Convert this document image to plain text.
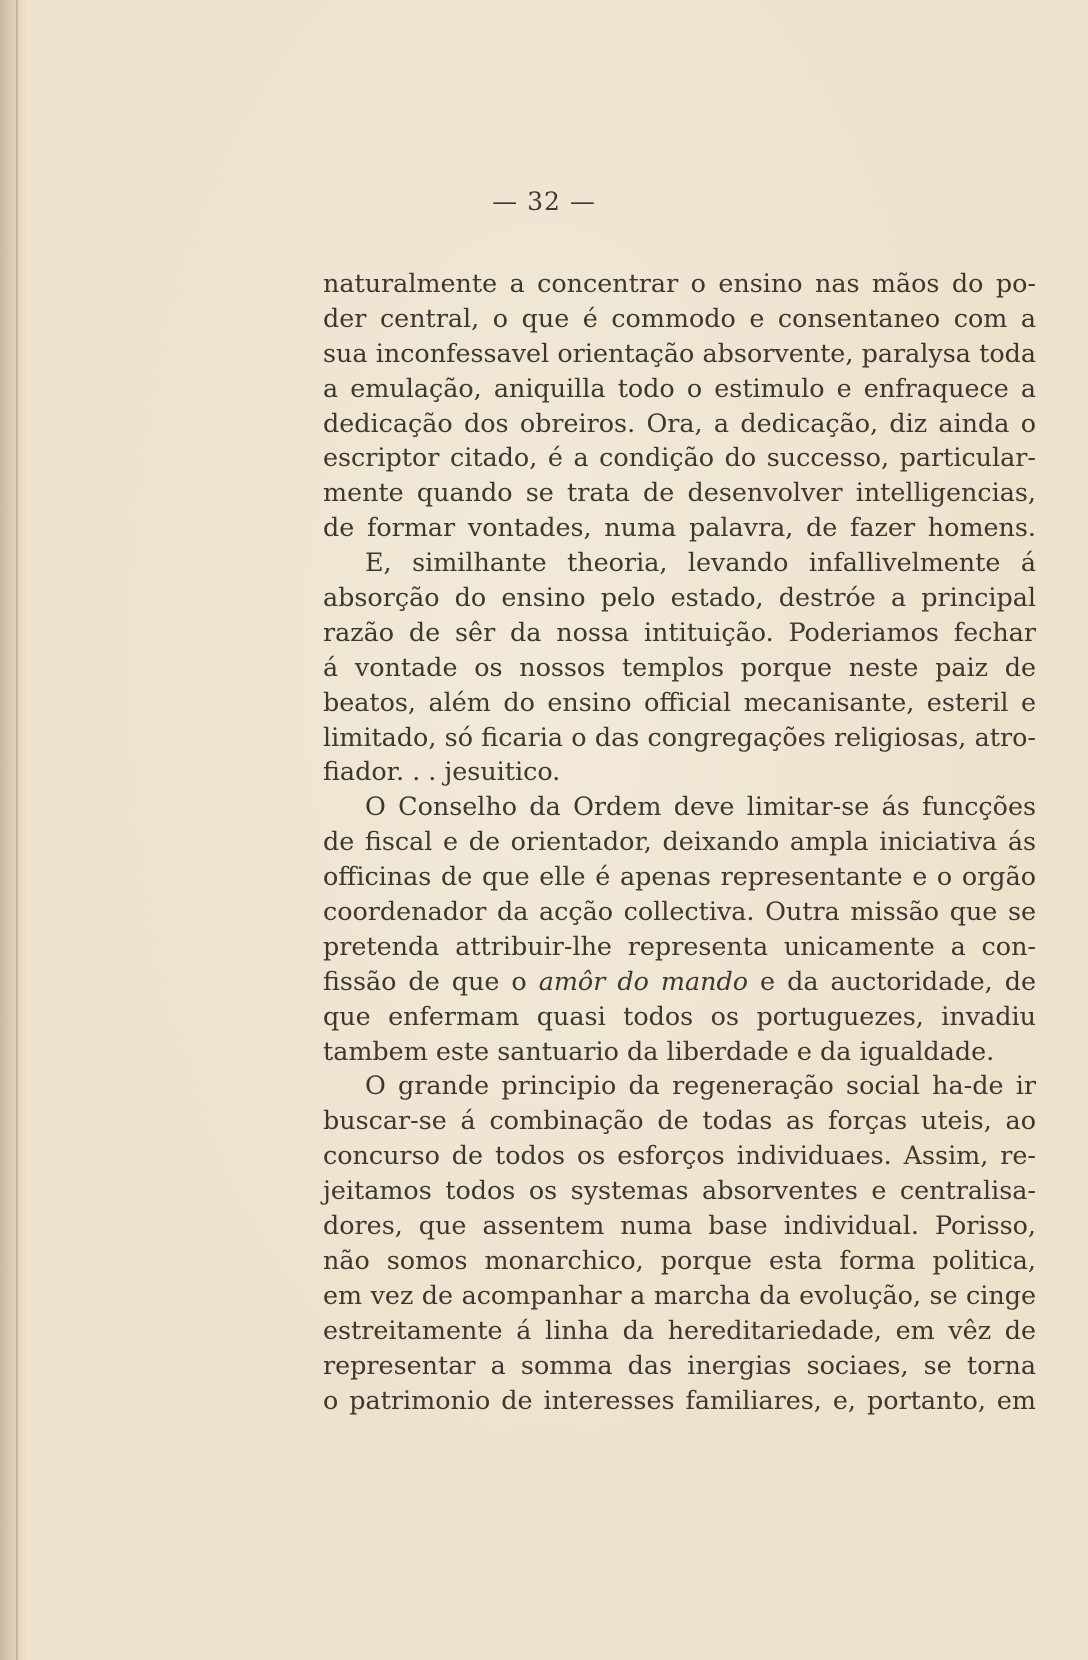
— 32 —
naturalmente a concentrar o ensino nas mãos do po-
der central, o que é commodo e consentaneo com a
sua inconfessavel orientação absorvente, paralysa toda
a emulação, aniquilla todo o estimulo e enfraquece a
dedicação dos obreiros. Ora, a dedicação, diz ainda o
escriptor citado, é a condição do successo, particular-
mente quando se trata de desenvolver intelligencias,
de formar vontades, numa palavra, de fazer homens.
E, similhante theoria, levando infallivelmente á
absorção do ensino pelo estado, destróe a principal
razão de sêr da nossa intituição. Poderiamos fechar
á vontade os nossos templos porque neste paiz de
beatos, além do ensino official mecanisante, esteril e
limitado, só ficaria o das congregações religiosas, atro-
fiador. . . jesuitico.
O Conselho da Ordem deve limitar-se ás funcções
de fiscal e de orientador, deixando ampla iniciativa ás
officinas de que elle é apenas representante e o orgão
coordenador da acção collectiva. Outra missão que se
pretenda attribuir-lhe representa unicamente a con-
fissão de que o amôr do mando e da auctoridade, de
que enfermam quasi todos os portuguezes, invadiu
tambem este santuario da liberdade e da igualdade.
O grande principio da regeneração social ha-de ir
buscar-se á combinação de todas as forças uteis, ao
concurso de todos os esforços individuaes. Assim, re-
jeitamos todos os systemas absorventes e centralisa-
dores, que assentem numa base individual. Porisso,
não somos monarchico, porque esta forma politica,
em vez de acompanhar a marcha da evolução, se cinge
estreitamente á linha da hereditariedade, em vêz de
representar a somma das inergias sociaes, se torna
o patrimonio de interesses familiares, e, portanto, em
